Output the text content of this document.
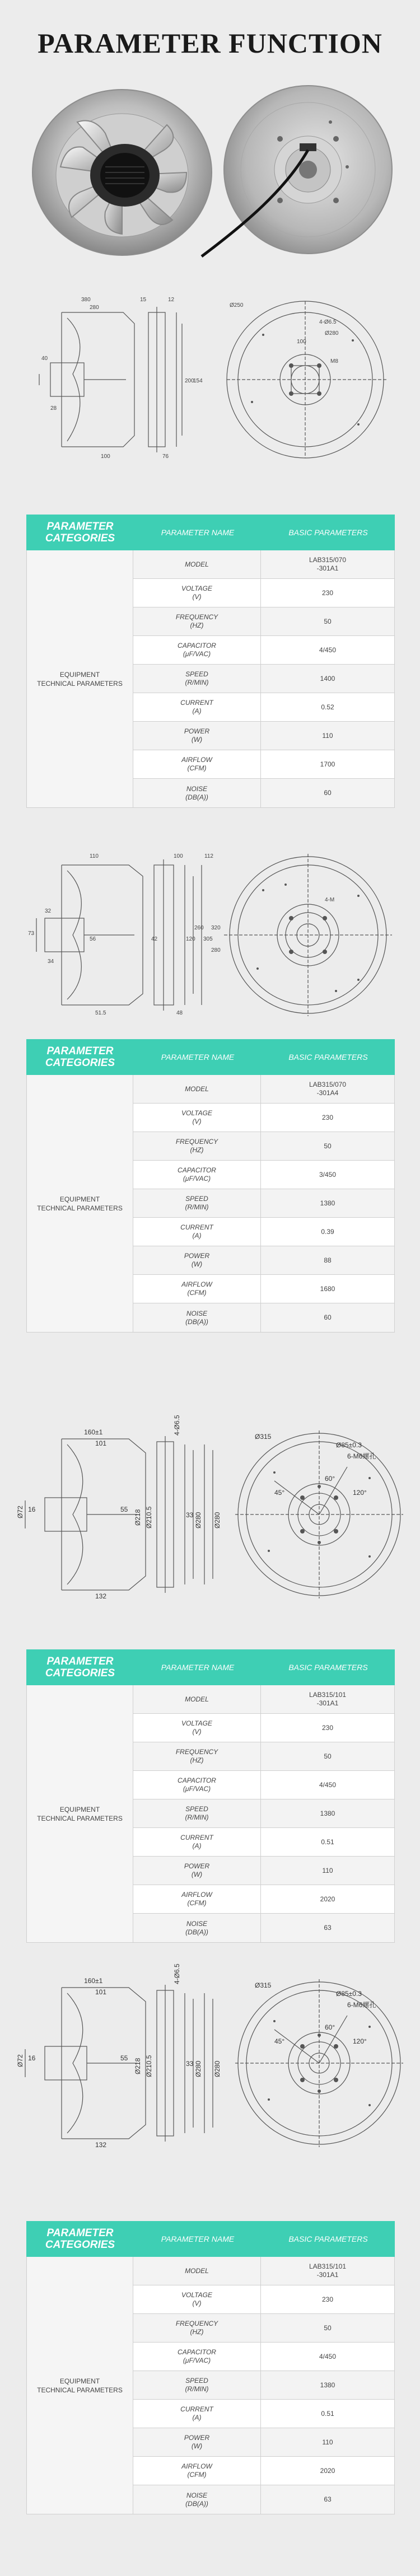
PARAMETER FUNCTION
380
280
40
28
15	12
100
200
76
154
4-Ø6.5
Ø250
Ø280
100
M8
PARAMETER CATEGORIES	PARAMETER NAME	BASIC PARAMETERS
EQUIPMENT
TECHNICAL PARAMETERS
MODEL
LAB315/070
-301A1
VOLTAGE
(V)
230
FREQUENCY
(HZ)
50
CAPACITOR
(μF/VAC)
4/450
SPEED
(R/MIN)
1400
CURRENT
(A)
0.52
POWER
(W)
110
AIRFLOW
(CFM)
1700
NOISE
(DB(A))
60
110	100	112
73
32
34
56
51.5
42
48
120
260
305
320
280
4-M
PARAMETER CATEGORIES	PARAMETER NAME	BASIC PARAMETERS
EQUIPMENT
TECHNICAL PARAMETERS
MODEL
LAB315/070
-301A4
VOLTAGE
(V)
230
FREQUENCY
(HZ)
50
CAPACITOR
(μF/VAC)
3/450
SPEED
(R/MIN)
1380
CURRENT
(A)
0.39
POWER
(W)
88
AIRFLOW
(CFM)
1680
NOISE
(DB(A))
60
160±1
101
4-Ø6.5
Ø218 Ø210.5	Ø280 Ø280
16	55
33
Ø72
132
Ø315
Ø85±0.3
6-M6螺孔
120°
45°
60°
PARAMETER CATEGORIES	PARAMETER NAME	BASIC PARAMETERS
EQUIPMENT
TECHNICAL PARAMETERS
MODEL
LAB315/101
-301A1
VOLTAGE
(V)
230
FREQUENCY
(HZ)
50
CAPACITOR
(μF/VAC)
4/450
SPEED
(R/MIN)
1380
CURRENT
(A)
0.51
POWER
(W)
110
AIRFLOW
(CFM)
2020
NOISE
(DB(A))
63
160±1
101
4-Ø6.5
Ø218 Ø210.5	Ø280 Ø280
16	55
33
Ø72
132
Ø315
Ø85±0.3
6-M6螺孔
120°
45°
60°
PARAMETER CATEGORIES	PARAMETER NAME	BASIC PARAMETERS
EQUIPMENT
TECHNICAL PARAMETERS
MODEL
LAB315/101
-301A1
VOLTAGE
(V)
230
FREQUENCY
(HZ)
50
CAPACITOR
(μF/VAC)
4/450
SPEED
(R/MIN)
1380
CURRENT
(A)
0.51
POWER
(W)
110
AIRFLOW
(CFM)
2020
NOISE
(DB(A))
63
